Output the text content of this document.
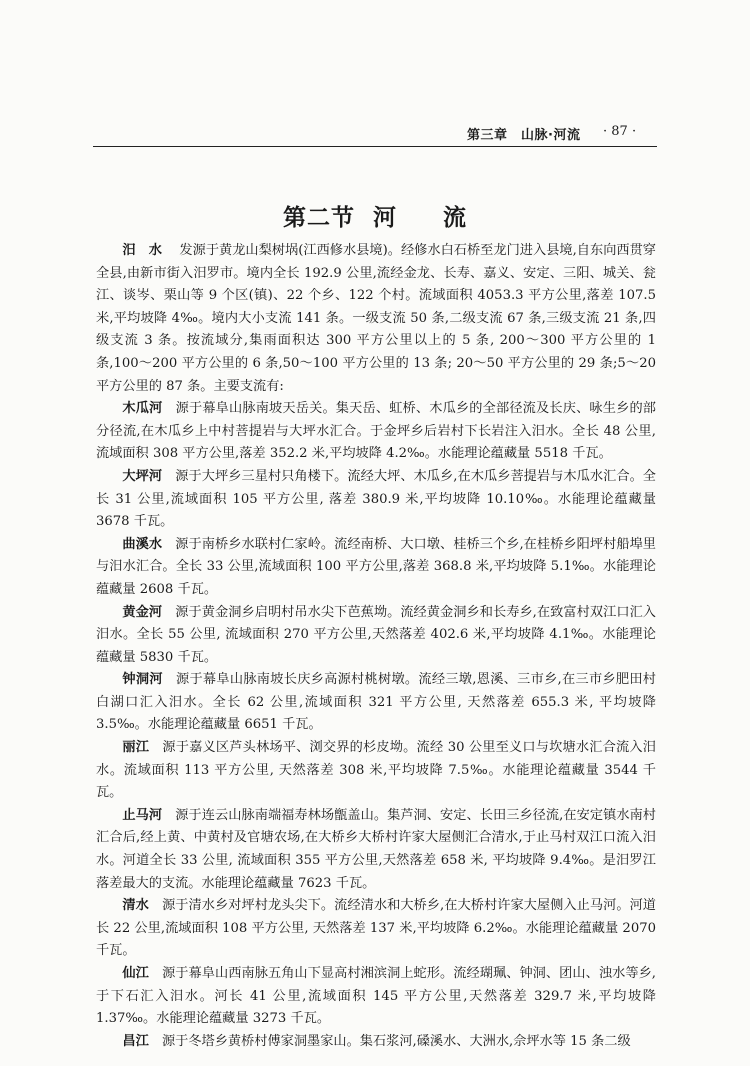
第三章　山脉·河流 · 87 ·
第二节 河 流

汨水 发源于黄龙山梨树埚(江西修水县境)。经修水白石桥至龙门进入县境,自东向西贯穿全县,由新市街入汨罗市。境内全长 192.9 公里,流经金龙、长寿、嘉义、安定、三阳、城关、瓮江、谈岑、栗山等 9 个区(镇)、22 个乡、122 个村。流域面积 4053.3 平方公里,落差 107.5 米,平均坡降 4‰。境内大小支流 141 条。一级支流 50 条,二级支流 67 条,三级支流 21 条,四级支流 3 条。按流域分,集雨面积达 300 平方公里以上的 5 条, 200～300 平方公里的 1 条,100～200 平方公里的 6 条,50～100 平方公里的 13 条; 20～50 平方公里的 29 条;5～20 平方公里的 87 条。主要支流有:

木瓜河 源于幕阜山脉南坡天岳关。集天岳、虹桥、木瓜乡的全部径流及长庆、咏生乡的部分径流,在木瓜乡上中村菩提岩与大坪水汇合。于金坪乡后岩村下长岩注入汨水。全长 48 公里,流域面积 308 平方公里,落差 352.2 米,平均坡降 4.2‰。水能理论蕴藏量 5518 千瓦。

大坪河 源于大坪乡三星村只角楼下。流经大坪、木瓜乡,在木瓜乡菩提岩与木瓜水汇合。全长 31 公里,流域面积 105 平方公里, 落差 380.9 米,平均坡降 10.10‰。水能理论蕴藏量 3678 千瓦。

曲溪水 源于南桥乡水联村仁家岭。流经南桥、大口墩、桂桥三个乡,在桂桥乡阳坪村船埠里与汨水汇合。全长 33 公里,流域面积 100 平方公里,落差 368.8 米,平均坡降 5.1‰。水能理论蕴藏量 2608 千瓦。

黄金河 源于黄金洞乡启明村吊水尖下芭蕉坳。流经黄金洞乡和长寿乡,在致富村双江口汇入汨水。全长 55 公里, 流域面积 270 平方公里,天然落差 402.6 米,平均坡降 4.1‰。水能理论蕴藏量 5830 千瓦。

钟洞河 源于幕阜山脉南坡长庆乡高源村桃树墩。流经三墩,恩溪、三市乡,在三市乡肥田村白湖口汇入汨水。全长 62 公里,流域面积 321 平方公里, 天然落差 655.3 米, 平均坡降 3.5‰。水能理论蕴藏量 6651 千瓦。

丽江 源于嘉义区芦头林场平、浏交界的杉皮坳。流经 30 公里至义口与坎塘水汇合流入汨水。流域面积 113 平方公里, 天然落差 308 米,平均坡降 7.5‰。水能理论蕴藏量 3544 千瓦。

止马河 源于连云山脉南端福寿林场甑盖山。集芦洞、安定、长田三乡径流,在安定镇水南村汇合后,经上黄、中黄村及官塘农场,在大桥乡大桥村许家大屋侧汇合清水,于止马村双江口流入汨水。河道全长 33 公里, 流域面积 355 平方公里,天然落差 658 米, 平均坡降 9.4‰。是汨罗江落差最大的支流。水能理论蕴藏量 7623 千瓦。

清水 源于清水乡对坪村龙头尖下。流经清水和大桥乡,在大桥村许家大屋侧入止马河。河道长 22 公里,流域面积 108 平方公里, 天然落差 137 米,平均坡降 6.2‰。水能理论蕴藏量 2070 千瓦。

仙江 源于幕阜山西南脉五角山下显高村湘滨洞上蛇形。流经瑚珮、钟洞、团山、浊水等乡,于下石汇入汨水。河长 41 公里,流域面积 145 平方公里,天然落差 329.7 米,平均坡降 1.37‰。水能理论蕴藏量 3273 千瓦。

昌江 源于冬塔乡黄桥村傅家洞墨家山。集石浆河,磉溪水、大洲水,佘坪水等 15 条二级
